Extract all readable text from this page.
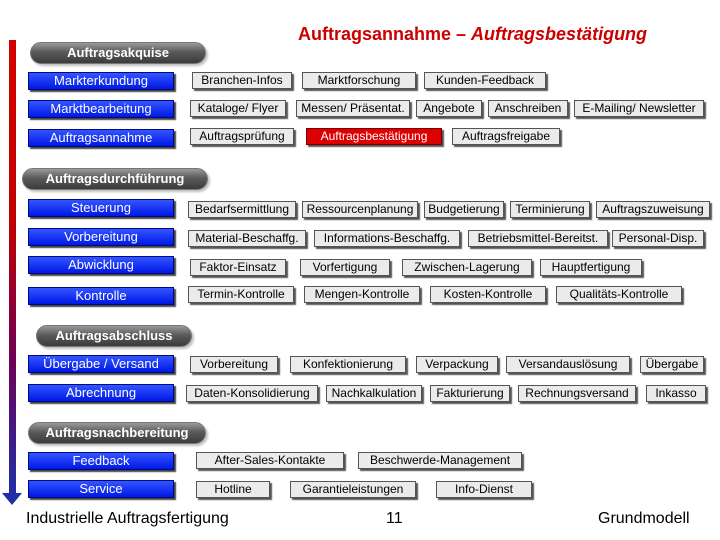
Auftragsannahme – Auftragsbestätigung
Auftragsakquise
Markterkundung	Branchen-Infos	Marktforschung	Kunden-Feedback
Marktbearbeitung	Kataloge/ Flyer	Messen/ Präsentat.	Angebote	Anschreiben	E-Mailing/ Newsletter
Auftragsannahme	Auftragsprüfung	Auftragsbestätigung	Auftragsfreigabe
Auftragsdurchführung
Steuerung	Bedarfsermittlung	Ressourcenplanung	Budgetierung	Terminierung	Auftragszuweisung
Vorbereitung	Material-Beschaffg.	Informations-Beschaffg.	Betriebsmittel-Bereitst.	Personal-Disp.
Abwicklung	Faktor-Einsatz	Vorfertigung	Zwischen-Lagerung	Hauptfertigung
Kontrolle	Termin-Kontrolle	Mengen-Kontrolle	Kosten-Kontrolle	Qualitäts-Kontrolle
Auftragsabschluss
Übergabe / Versand	Vorbereitung	Konfektionierung	Verpackung	Versandauslösung	Übergabe
Abrechnung	Daten-Konsolidierung	Nachkalkulation	Fakturierung	Rechnungsversand	Inkasso
Auftragsnachbereitung
Feedback	After-Sales-Kontakte	Beschwerde-Management
Service	Hotline	Garantieleistungen	Info-Dienst
Industrielle Auftragsfertigung	11	Grundmodell
